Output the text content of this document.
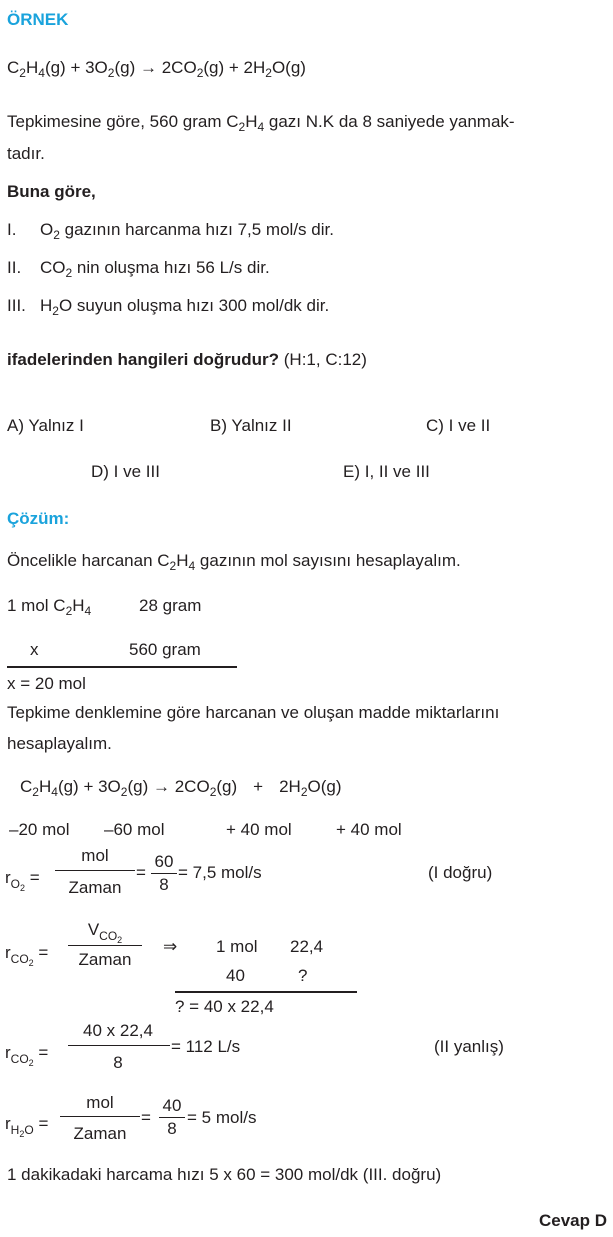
ÖRNEK
$C_2H_4(g) + 3O_2(g) \to 2CO_2(g) + 2H_2O(g)$
Tepkimesine göre, 560 gram $C_2H_4$ gazı N.K da 8 saniyede yanmak-
tadır.
Buna göre,
I. $O_2$ gazının harcanma hızı 7,5 mol/s dir.
II. $CO_2$ nin oluşma hızı 56 L/s dir.
III. $H_2O$ suyun oluşma hızı 300 mol/dk dir.
ifadelerinden hangileri doğrudur? (H:1, C:12)
A) Yalnız I	B) Yalnız II	C) I ve II
D) I ve III	E) I, II ve III
Çözüm:
Öncelikle harcanan $C_2H_4$ gazının mol sayısını hesaplayalım.
1 mol $C_2H_4$	28 gram
x	560 gram
x = 20 mol
Tepkime denklemine göre harcanan ve oluşan madde miktarlarını
hesaplayalım.
$C_2H_4(g) + 3O_2(g) \to 2CO_2(g) + 2H_2O(g)$
–20 mol –60 mol	+ 40 mol	+ 40 mol
$r_{O_2}$ =
mol
Zaman
=
60
8
= 7,5 mol/s	(I doğru)
$r_{CO_2}$ =
$V_{CO_2}$
Zaman
⇒ 1 mol 22,4
40	?
? = 40 x 22,4
$r_{CO_2}$ =
40 x 22,4
8
= 112 L/s	(II yanlış)
$r_{H_2O}$ =
mol
Zaman
=
40
8
= 5 mol/s
1 dakikadaki harcama hızı 5 x 60 = 300 mol/dk (III. doğru)
Cevap D
